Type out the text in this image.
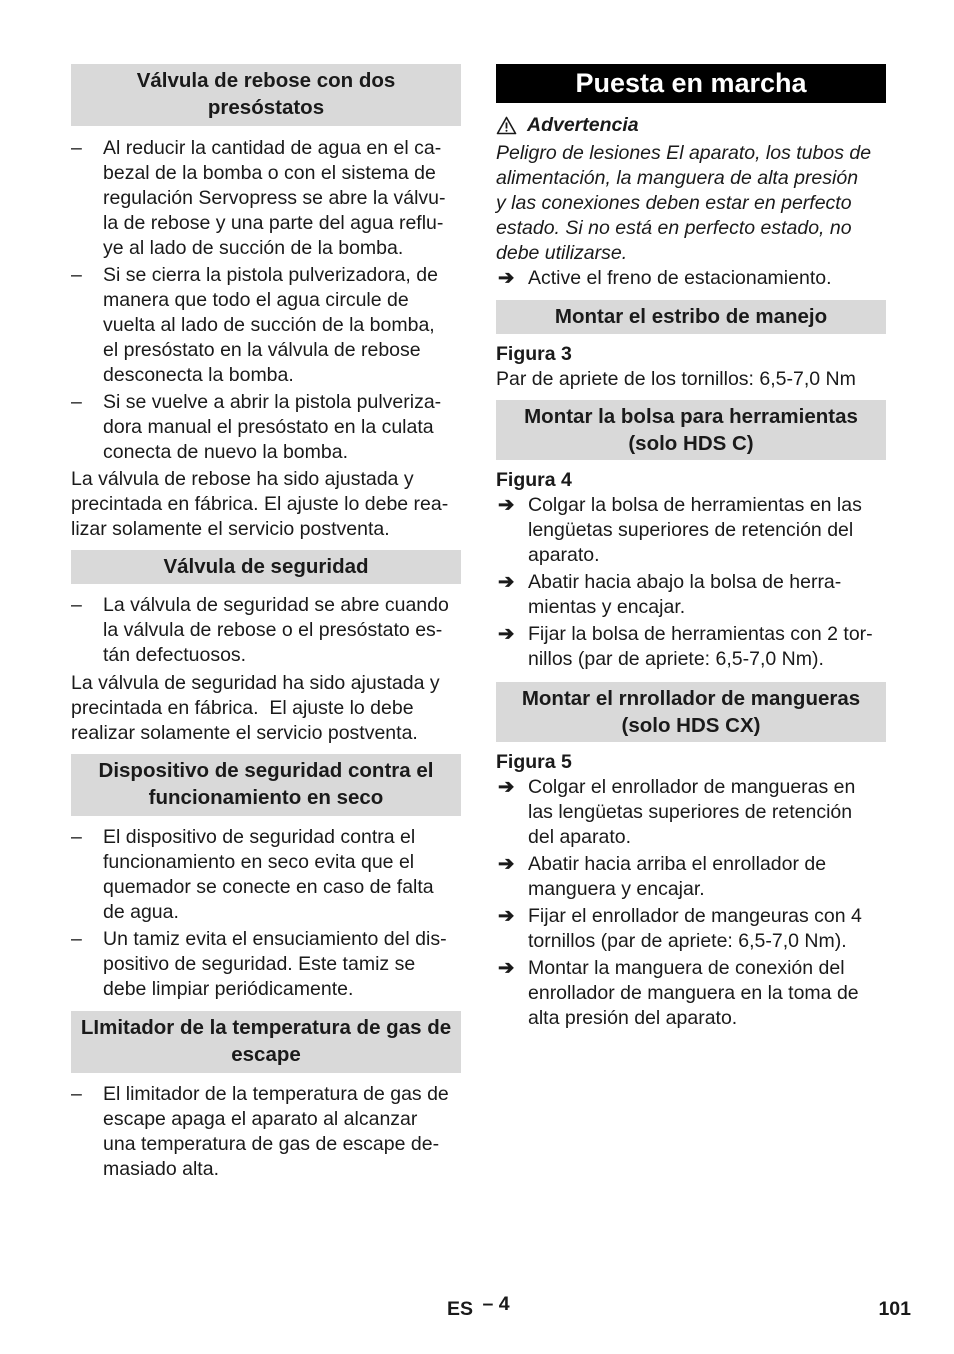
Válvula de rebose con dos presóstatos
– Al reducir la cantidad de agua en el ca-
bezal de la bomba o con el sistema de
regulación Servopress se abre la válvu-
la de rebose y una parte del agua reflu-
ye al lado de succión de la bomba.
– Si se cierra la pistola pulverizadora, de
manera que todo el agua circule de
vuelta al lado de succión de la bomba,
el presóstato en la válvula de rebose
desconecta la bomba.
– Si se vuelve a abrir la pistola pulveriza-
dora manual el presóstato en la culata
conecta de nuevo la bomba.
La válvula de rebose ha sido ajustada y
precintada en fábrica. El ajuste lo debe rea-
lizar solamente el servicio postventa.
Válvula de seguridad
– La válvula de seguridad se abre cuando
la válvula de rebose o el presóstato es-
tán defectuosos.
La válvula de seguridad ha sido ajustada y
precintada en fábrica.  El ajuste lo debe
realizar solamente el servicio postventa.
Dispositivo de seguridad contra el funcionamiento en seco
– El dispositivo de seguridad contra el
funcionamiento en seco evita que el
quemador se conecte en caso de falta
de agua.
– Un tamiz evita el ensuciamiento del dis-
positivo de seguridad. Este tamiz se
debe limpiar periódicamente.
LImitador de la temperatura de gas de escape
– El limitador de la temperatura de gas de
escape apaga el aparato al alcanzar
una temperatura de gas de escape de-
masiado alta.
Puesta en marcha
Advertencia
Peligro de lesiones El aparato, los tubos de
alimentación, la manguera de alta presión
y las conexiones deben estar en perfecto
estado. Si no está en perfecto estado, no
debe utilizarse.
➔ Active el freno de estacionamiento.
Montar el estribo de manejo
Figura 3
Par de apriete de los tornillos: 6,5-7,0 Nm
Montar la bolsa para herramientas (solo HDS C)
Figura 4
➔ Colgar la bolsa de herramientas en las
lengüetas superiores de retención del
aparato.
➔ Abatir hacia abajo la bolsa de herra-
mientas y encajar.
➔ Fijar la bolsa de herramientas con 2 tor-
nillos (par de apriete: 6,5-7,0 Nm).
Montar el rnrollador de mangueras (solo HDS CX)
Figura 5
➔ Colgar el enrollador de mangueras en
las lengüetas superiores de retención
del aparato.
➔ Abatir hacia arriba el enrollador de
manguera y encajar.
➔ Fijar el enrollador de mangeuras con 4
tornillos (par de apriete: 6,5-7,0 Nm).
➔ Montar la manguera de conexión del
enrollador de manguera en la toma de
alta presión del aparato.
ES – 4	101
